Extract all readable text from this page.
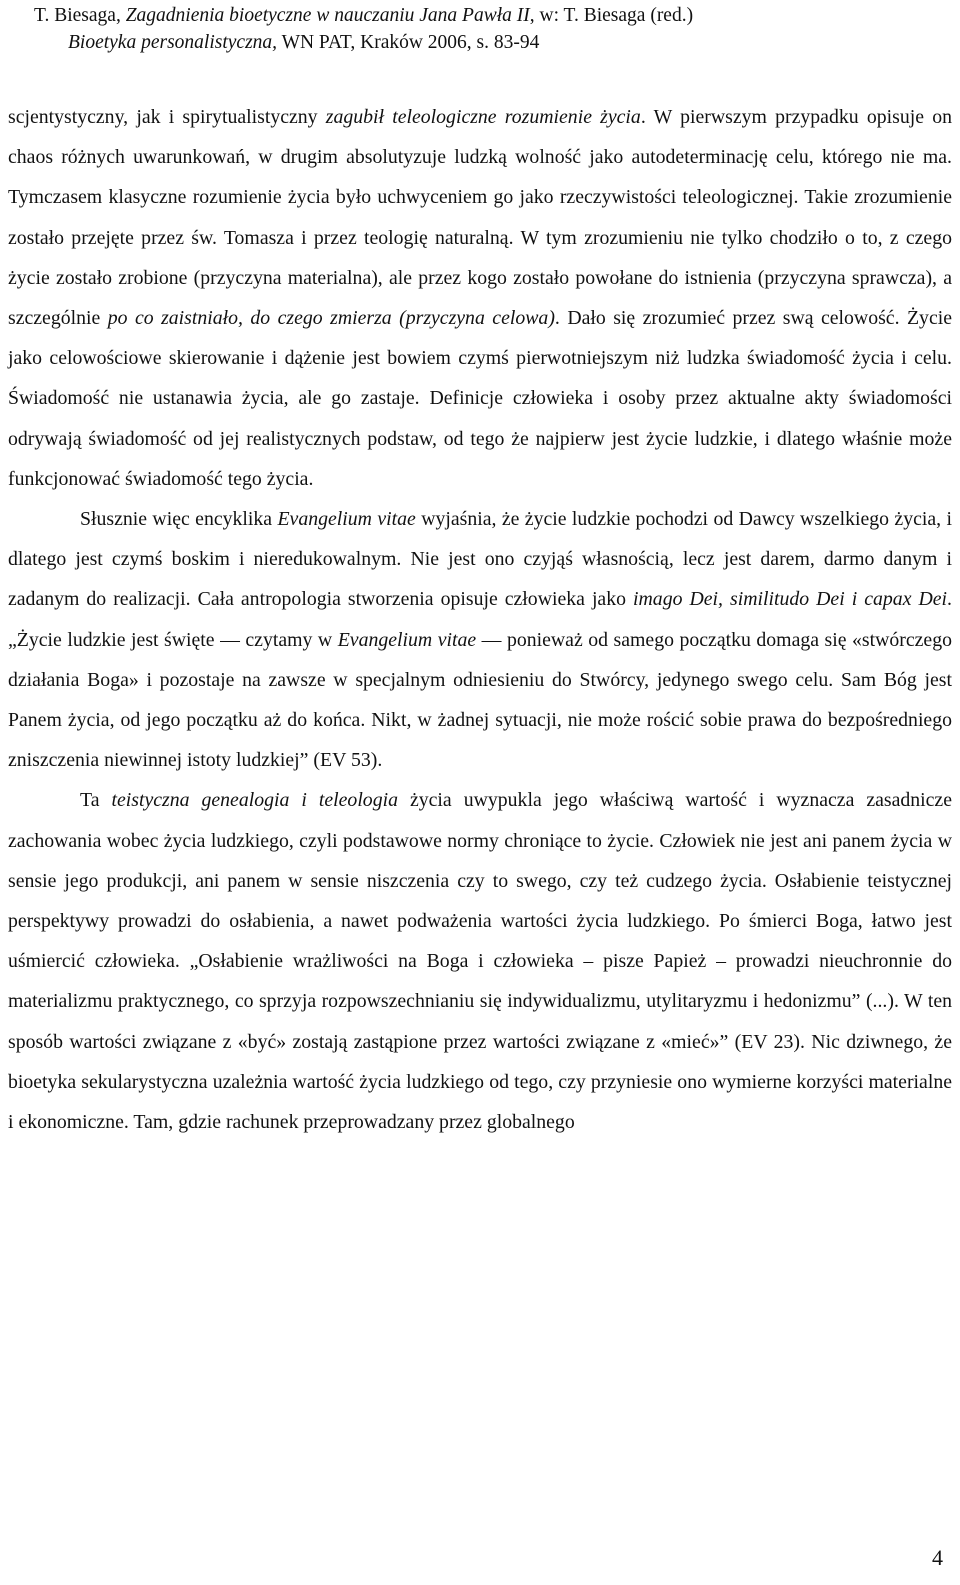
T. Biesaga, Zagadnienia bioetyczne w nauczaniu Jana Pawła II, w: T. Biesaga (red.)
Bioetyka personalistyczna, WN PAT, Kraków 2006, s. 83-94

scjentystyczny, jak i spirytualistyczny zagubił teleologiczne rozumienie życia. W pierwszym przypadku opisuje on chaos różnych uwarunkowań, w drugim absolutyzuje ludzką wolność jako autodeterminację celu, którego nie ma. Tymczasem klasyczne rozumienie życia było uchwyceniem go jako rzeczywistości teleologicznej. Takie zrozumienie zostało przejęte przez św. Tomasza i przez teologię naturalną. W tym zrozumieniu nie tylko chodziło o to, z czego życie zostało zrobione (przyczyna materialna), ale przez kogo zostało powołane do istnienia (przyczyna sprawcza), a szczególnie po co zaistniało, do czego zmierza (przyczyna celowa). Dało się zrozumieć przez swą celowość. Życie jako celowościowe skierowanie i dążenie jest bowiem czymś pierwotniejszym niż ludzka świadomość życia i celu. Świadomość nie ustanawia życia, ale go zastaje. Definicje człowieka i osoby przez aktualne akty świadomości odrywają świadomość od jej realistycznych podstaw, od tego że najpierw jest życie ludzkie, i dlatego właśnie może funkcjonować świadomość tego życia.

Słusznie więc encyklika Evangelium vitae wyjaśnia, że życie ludzkie pochodzi od Dawcy wszelkiego życia, i dlatego jest czymś boskim i nieredukowalnym. Nie jest ono czyjąś własnością, lecz jest darem, darmo danym i zadanym do realizacji. Cała antropologia stworzenia opisuje człowieka jako imago Dei, similitudo Dei i capax Dei. „Życie ludzkie jest święte — czytamy w Evangelium vitae — ponieważ od samego początku domaga się «stwórczego działania Boga» i pozostaje na zawsze w specjalnym odniesieniu do Stwórcy, jedynego swego celu. Sam Bóg jest Panem życia, od jego początku aż do końca. Nikt, w żadnej sytuacji, nie może rościć sobie prawa do bezpośredniego zniszczenia niewinnej istoty ludzkiej” (EV 53).

Ta teistyczna genealogia i teleologia życia uwypukla jego właściwą wartość i wyznacza zasadnicze zachowania wobec życia ludzkiego, czyli podstawowe normy chroniące to życie. Człowiek nie jest ani panem życia w sensie jego produkcji, ani panem w sensie niszczenia czy to swego, czy też cudzego życia. Osłabienie teistycznej perspektywy prowadzi do osłabienia, a nawet podważenia wartości życia ludzkiego. Po śmierci Boga, łatwo jest uśmiercić człowieka. „Osłabienie wrażliwości na Boga i człowieka – pisze Papież – prowadzi nieuchronnie do materializmu praktycznego, co sprzyja rozpowszechnianiu się indywidualizmu, utylitaryzmu i hedonizmu” (...). W ten sposób wartości związane z «być» zostają zastąpione przez wartości związane z «mieć»” (EV 23). Nic dziwnego, że bioetyka sekularystyczna uzależnia wartość życia ludzkiego od tego, czy przyniesie ono wymierne korzyści materialne i ekonomiczne. Tam, gdzie rachunek przeprowadzany przez globalnego

4
